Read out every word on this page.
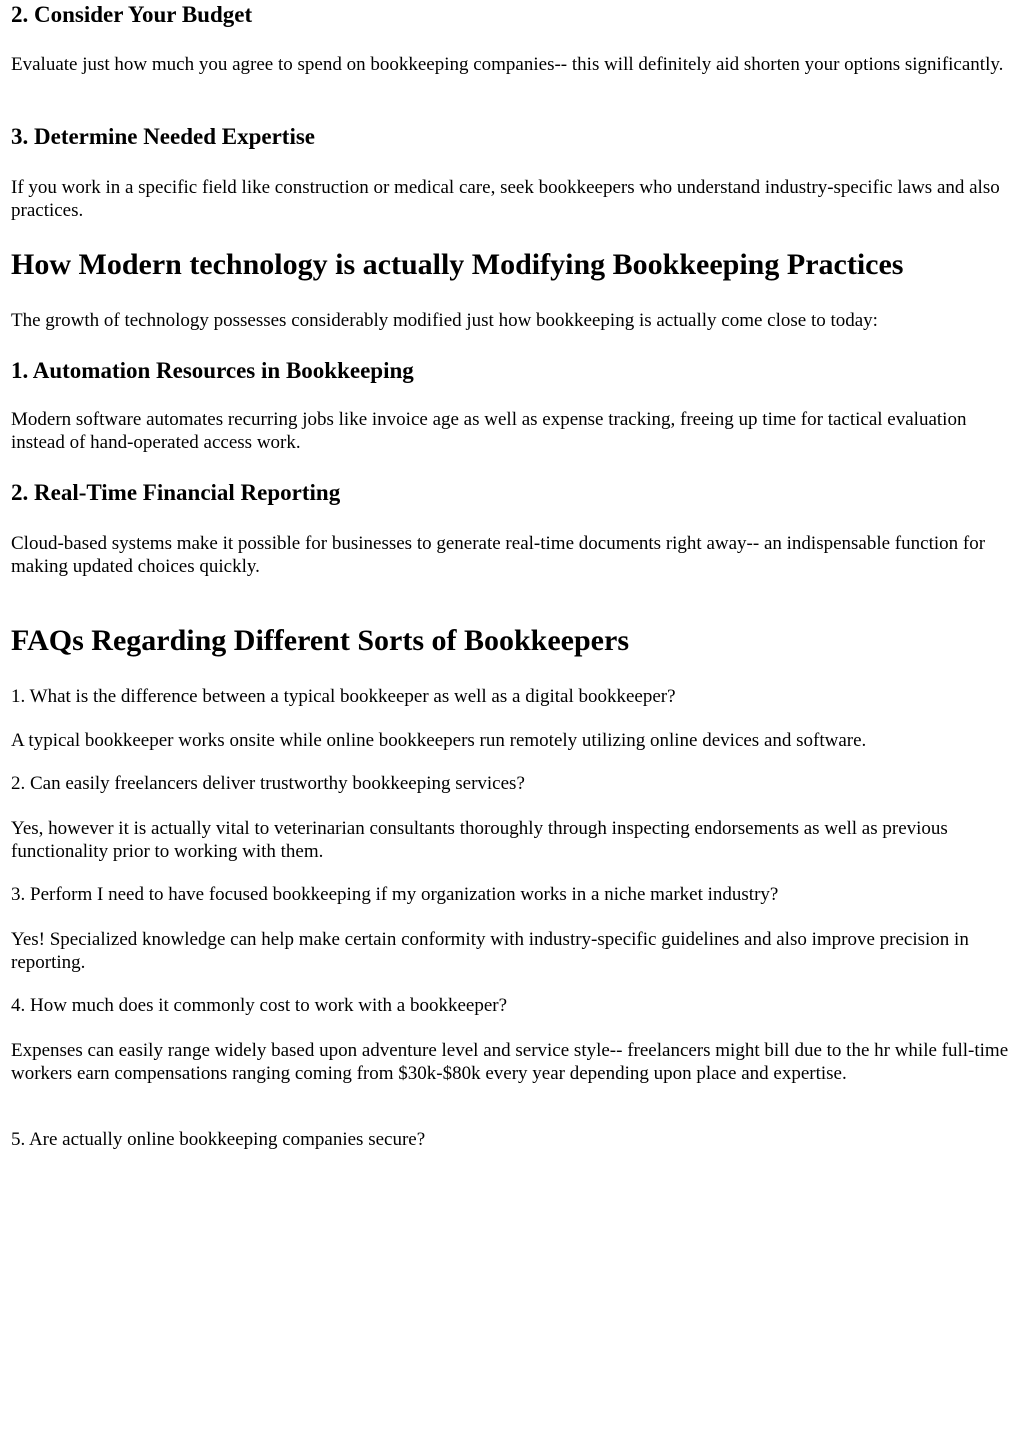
2. Consider Your Budget

Evaluate just how much you agree to spend on bookkeeping companies-- this will definitely aid shorten your options significantly.

3. Determine Needed Expertise

If you work in a specific field like construction or medical care, seek bookkeepers who understand industry-specific laws and also practices.

How Modern technology is actually Modifying Bookkeeping Practices

The growth of technology possesses considerably modified just how bookkeeping is actually come close to today:

1. Automation Resources in Bookkeeping

Modern software automates recurring jobs like invoice age as well as expense tracking, freeing up time for tactical evaluation instead of hand-operated access work.

2. Real-Time Financial Reporting

Cloud-based systems make it possible for businesses to generate real-time documents right away-- an indispensable function for making updated choices quickly.

FAQs Regarding Different Sorts of Bookkeepers

1. What is the difference between a typical bookkeeper as well as a digital bookkeeper?

A typical bookkeeper works onsite while online bookkeepers run remotely utilizing online devices and software.

2. Can easily freelancers deliver trustworthy bookkeeping services?

Yes, however it is actually vital to veterinarian consultants thoroughly through inspecting endorsements as well as previous functionality prior to working with them.

3. Perform I need to have focused bookkeeping if my organization works in a niche market industry?

Yes! Specialized knowledge can help make certain conformity with industry-specific guidelines and also improve precision in reporting.

4. How much does it commonly cost to work with a bookkeeper?

Expenses can easily range widely based upon adventure level and service style-- freelancers might bill due to the hr while full-time workers earn compensations ranging coming from $30k-$80k every year depending upon place and expertise.

5. Are actually online bookkeeping companies secure?
